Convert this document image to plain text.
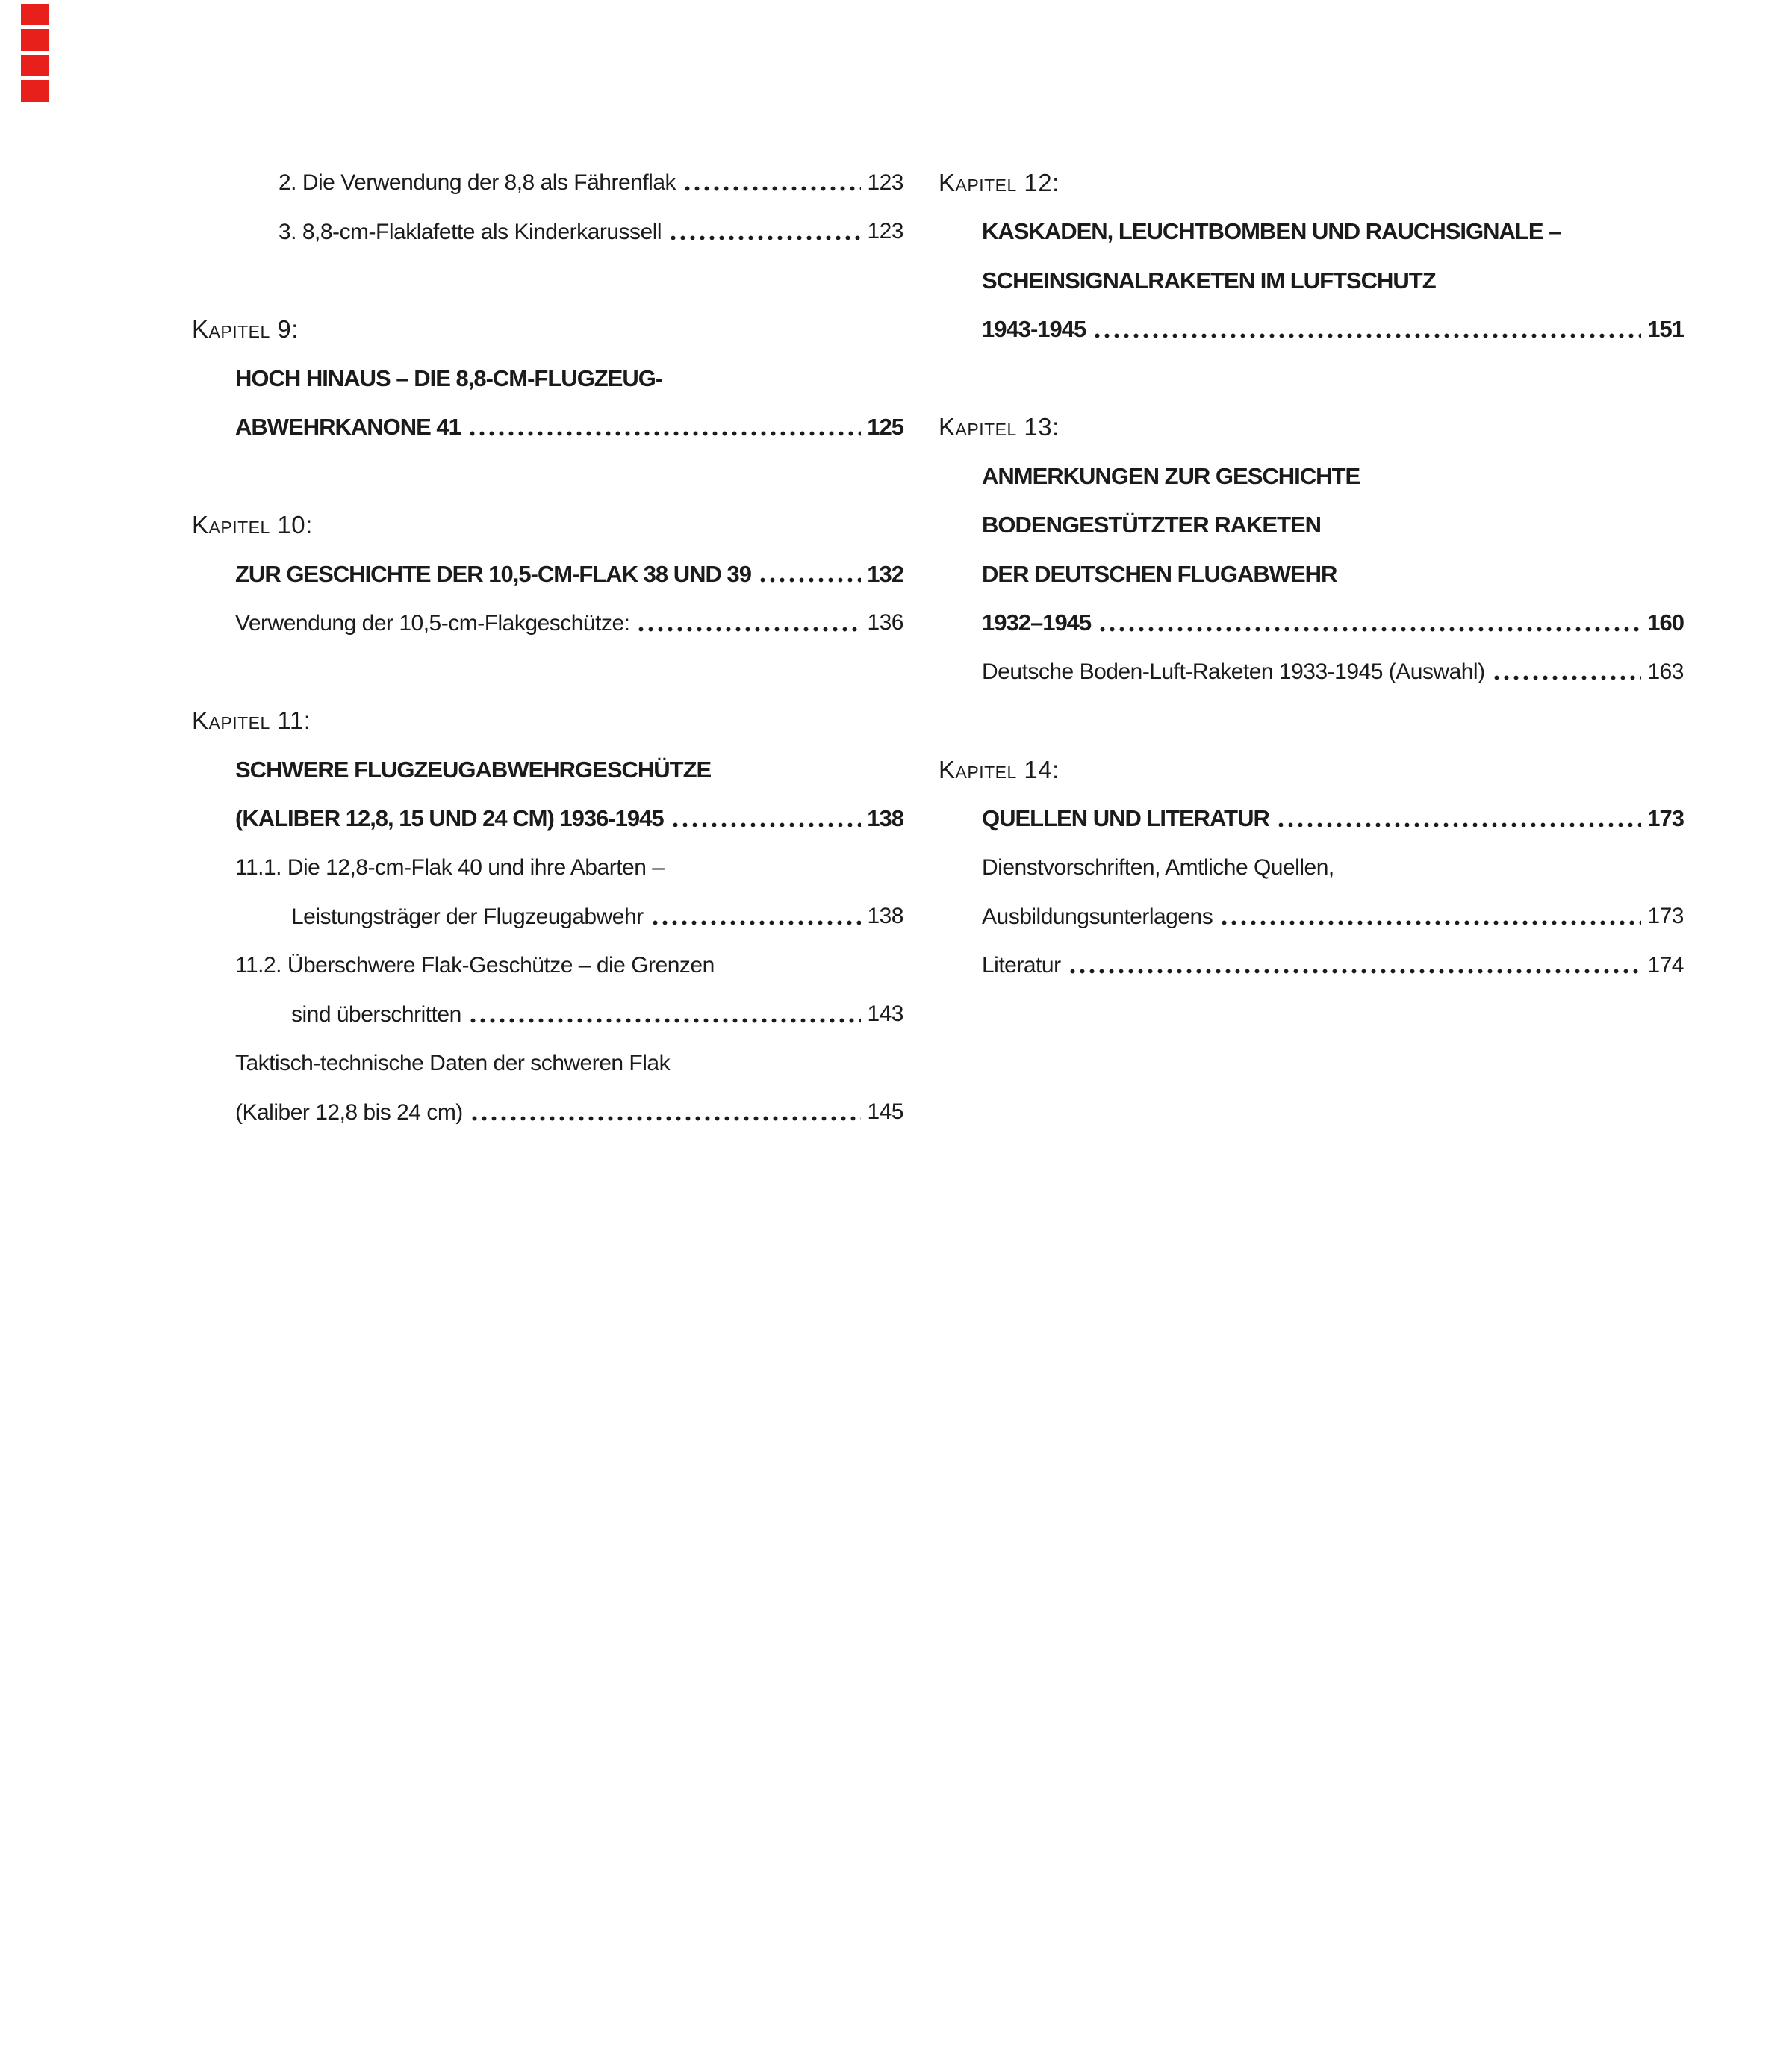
2. Die Verwendung der 8,8 als Fährenflak	123
3. 8,8-cm-Flaklafette als Kinderkarussell	123
Kapitel 9:
HOCH HINAUS – DIE 8,8-CM-FLUGZEUG-
ABWEHRKANONE 41	125
Kapitel 10:
ZUR GESCHICHTE DER 10,5-CM-FLAK 38 UND 39	132
Verwendung der 10,5-cm-Flakgeschütze:	136
Kapitel 11:
SCHWERE FLUGZEUGABWEHRGESCHÜTZE
(KALIBER 12,8, 15 UND 24 CM) 1936-1945	138
11.1. Die 12,8-cm-Flak 40 und ihre Abarten –
Leistungsträger der Flugzeugabwehr	138
11.2. Überschwere Flak-Geschütze – die Grenzen
sind überschritten	143
Taktisch-technische Daten der schweren Flak
(Kaliber 12,8 bis 24 cm)	145
Kapitel 12:
KASKADEN, LEUCHTBOMBEN UND RAUCHSIGNALE –
SCHEINSIGNALRAKETEN IM LUFTSCHUTZ
1943-1945	151
Kapitel 13:
ANMERKUNGEN ZUR GESCHICHTE
BODENGESTÜTZTER RAKETEN
DER DEUTSCHEN FLUGABWEHR
1932–1945	160
Deutsche Boden-Luft-Raketen 1933-1945 (Auswahl)	163
Kapitel 14:
QUELLEN UND LITERATUR	173
Dienstvorschriften, Amtliche Quellen,
Ausbildungsunterlagens	173
Literatur	174
